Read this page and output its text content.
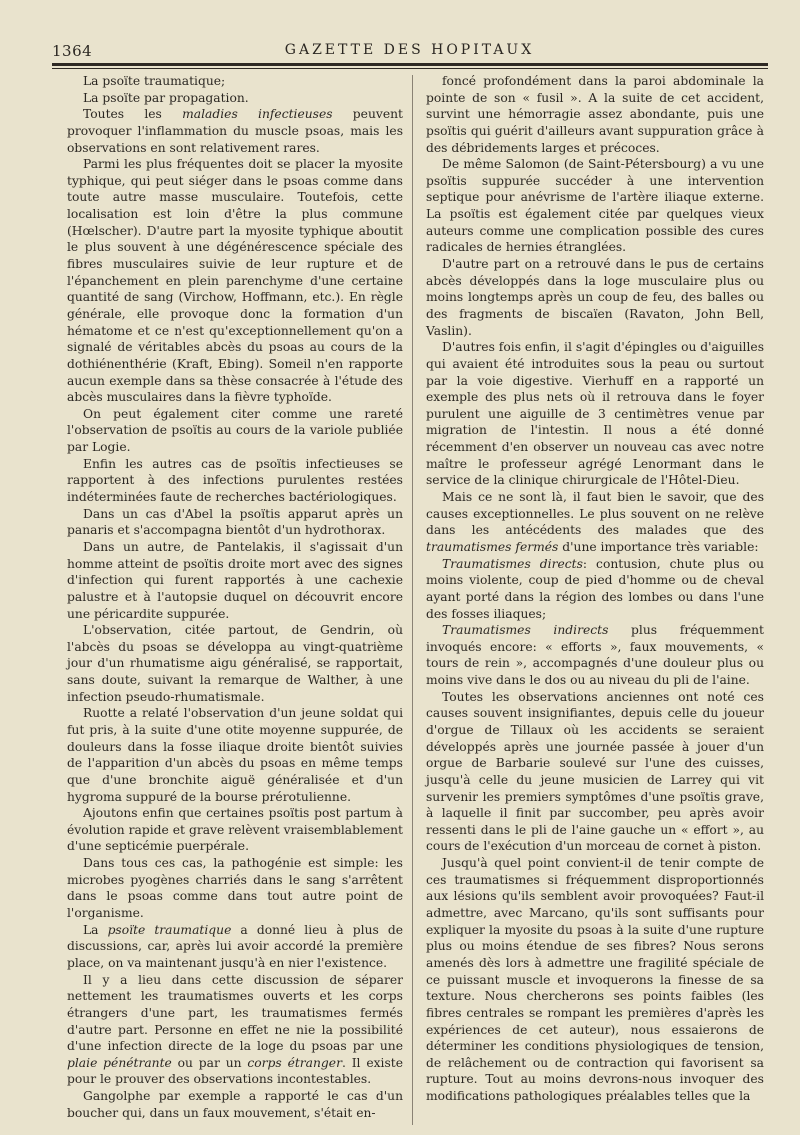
1364	GAZETTE DES HOPITAUX

La psoïte traumatique;

La psoïte par propagation.

Toutes les maladies infectieuses peuvent provoquer l'inflammation du muscle psoas, mais les observations en sont relativement rares.

Parmi les plus fréquentes doit se placer la myosite typhique, qui peut siéger dans le psoas comme dans toute autre masse musculaire. Toutefois, cette localisation est loin d'être la plus commune (Hœlscher). D'autre part la myosite typhique aboutit le plus souvent à une dégénérescence spéciale des fibres musculaires suivie de leur rupture et de l'épanchement en plein parenchyme d'une certaine quantité de sang (Virchow, Hoffmann, etc.). En règle générale, elle provoque donc la formation d'un hématome et ce n'est qu'exceptionnellement qu'on a signalé de véritables abcès du psoas au cours de la dothiénenthérie (Kraft, Ebing). Someil n'en rapporte aucun exemple dans sa thèse consacrée à l'étude des abcès musculaires dans la fièvre typhoïde.

On peut également citer comme une rareté l'observation de psoïtis au cours de la variole publiée par Logie.

Enfin les autres cas de psoïtis infectieuses se rapportent à des infections purulentes restées indéterminées faute de recherches bactériologiques.

Dans un cas d'Abel la psoïtis apparut après un panaris et s'accompagna bientôt d'un hydrothorax.

Dans un autre, de Pantelakis, il s'agissait d'un homme atteint de psoïtis droite mort avec des signes d'infection qui furent rapportés à une cachexie palustre et à l'autopsie duquel on découvrit encore une péricardite suppurée.

L'observation, citée partout, de Gendrin, où l'abcès du psoas se développa au vingt-quatrième jour d'un rhumatisme aigu généralisé, se rapportait, sans doute, suivant la remarque de Walther, à une infection pseudo-rhumatismale.

Ruotte a relaté l'observation d'un jeune soldat qui fut pris, à la suite d'une otite moyenne suppurée, de douleurs dans la fosse iliaque droite bientôt suivies de l'apparition d'un abcès du psoas en même temps que d'une bronchite aiguë généralisée et d'un hygroma suppuré de la bourse prérotulienne.

Ajoutons enfin que certaines psoïtis post partum à évolution rapide et grave relèvent vraisemblablement d'une septicémie puerpérale.

Dans tous ces cas, la pathogénie est simple: les microbes pyogènes charriés dans le sang s'arrêtent dans le psoas comme dans tout autre point de l'organisme.

La psoïte traumatique a donné lieu à plus de discussions, car, après lui avoir accordé la première place, on va maintenant jusqu'à en nier l'existence.

Il y a lieu dans cette discussion de séparer nettement les traumatismes ouverts et les corps étrangers d'une part, les traumatismes fermés d'autre part. Personne en effet ne nie la possibilité d'une infection directe de la loge du psoas par une plaie pénétrante ou par un corps étranger. Il existe pour le prouver des observations incontestables.

Gangolphe par exemple a rapporté le cas d'un boucher qui, dans un faux mouvement, s'était en-

foncé profondément dans la paroi abdominale la pointe de son « fusil ». A la suite de cet accident, survint une hémorragie assez abondante, puis une psoïtis qui guérit d'ailleurs avant suppuration grâce à des débridements larges et précoces.

De même Salomon (de Saint-Pétersbourg) a vu une psoïtis suppurée succéder à une intervention septique pour anévrisme de l'artère iliaque externe. La psoïtis est également citée par quelques vieux auteurs comme une complication possible des cures radicales de hernies étranglées.

D'autre part on a retrouvé dans le pus de certains abcès développés dans la loge musculaire plus ou moins longtemps après un coup de feu, des balles ou des fragments de biscaïen (Ravaton, John Bell, Vaslin).

D'autres fois enfin, il s'agit d'épingles ou d'aiguilles qui avaient été introduites sous la peau ou surtout par la voie digestive. Vierhuff en a rapporté un exemple des plus nets où il retrouva dans le foyer purulent une aiguille de 3 centimètres venue par migration de l'intestin. Il nous a été donné récemment d'en observer un nouveau cas avec notre maître le professeur agrégé Lenormant dans le service de la clinique chirurgicale de l'Hôtel-Dieu.

Mais ce ne sont là, il faut bien le savoir, que des causes exceptionnelles. Le plus souvent on ne relève dans les antécédents des malades que des traumatismes fermés d'une importance très variable:

Traumatismes directs: contusion, chute plus ou moins violente, coup de pied d'homme ou de cheval ayant porté dans la région des lombes ou dans l'une des fosses iliaques;

Traumatismes indirects plus fréquemment invoqués encore: « efforts », faux mouvements, « tours de rein », accompagnés d'une douleur plus ou moins vive dans le dos ou au niveau du pli de l'aine.

Toutes les observations anciennes ont noté ces causes souvent insignifiantes, depuis celle du joueur d'orgue de Tillaux où les accidents se seraient développés après une journée passée à jouer d'un orgue de Barbarie soulevé sur l'une des cuisses, jusqu'à celle du jeune musicien de Larrey qui vit survenir les premiers symptômes d'une psoïtis grave, à laquelle il finit par succomber, peu après avoir ressenti dans le pli de l'aine gauche un « effort », au cours de l'exécution d'un morceau de cornet à piston.

Jusqu'à quel point convient-il de tenir compte de ces traumatismes si fréquemment disproportionnés aux lésions qu'ils semblent avoir provoquées? Faut-il admettre, avec Marcano, qu'ils sont suffisants pour expliquer la myosite du psoas à la suite d'une rupture plus ou moins étendue de ses fibres? Nous serons amenés dès lors à admettre une fragilité spéciale de ce puissant muscle et invoquerons la finesse de sa texture. Nous chercherons ses points faibles (les fibres centrales se rompant les premières d'après les expériences de cet auteur), nous essaierons de déterminer les conditions physiologiques de tension, de relâchement ou de contraction qui favorisent sa rupture. Tout au moins devrons-nous invoquer des modifications pathologiques préalables telles que la
